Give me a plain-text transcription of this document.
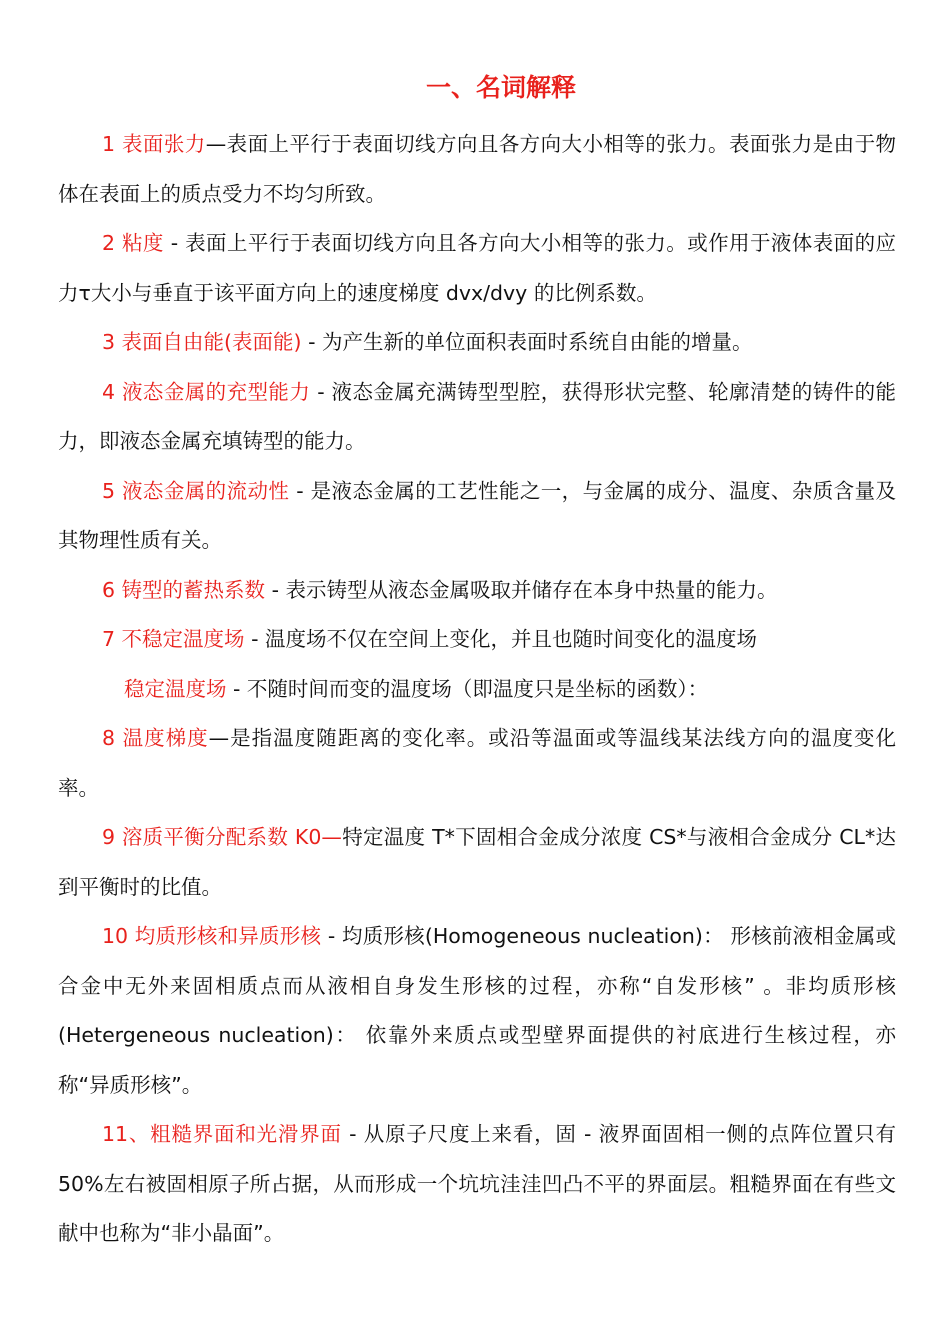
一、名词解释

1 表面张力—表面上平行于表面切线方向且各方向大小相等的张力。表面张力是由于物体在表面上的质点受力不均匀所致。

2 粘度 - 表面上平行于表面切线方向且各方向大小相等的张力。或作用于液体表面的应力τ大小与垂直于该平面方向上的速度梯度 dvx/dvy 的比例系数。

3 表面自由能(表面能) - 为产生新的单位面积表面时系统自由能的增量。

4 液态金属的充型能力 - 液态金属充满铸型型腔，获得形状完整、轮廓清楚的铸件的能力，即液态金属充填铸型的能力。

5 液态金属的流动性 - 是液态金属的工艺性能之一，与金属的成分、温度、杂质含量及其物理性质有关。

6 铸型的蓄热系数 - 表示铸型从液态金属吸取并储存在本身中热量的能力。

7 不稳定温度场 - 温度场不仅在空间上变化，并且也随时间变化的温度场

稳定温度场 - 不随时间而变的温度场（即温度只是坐标的函数）：

8 温度梯度—是指温度随距离的变化率。或沿等温面或等温线某法线方向的温度变化率。

9 溶质平衡分配系数 K0—特定温度 T*下固相合金成分浓度 CS*与液相合金成分 CL*达到平衡时的比值。

10 均质形核和异质形核 - 均质形核(Homogeneous nucleation)： 形核前液相金属或合金中无外来固相质点而从液相自身发生形核的过程，亦称“自发形核” 。非均质形核(Hetergeneous nucleation)： 依靠外来质点或型壁界面提供的衬底进行生核过程，亦称“异质形核”。

11、粗糙界面和光滑界面 - 从原子尺度上来看，固 - 液界面固相一侧的点阵位置只有 50%左右被固相原子所占据，从而形成一个坑坑洼洼凹凸不平的界面层。粗糙界面在有些文献中也称为“非小晶面”。
